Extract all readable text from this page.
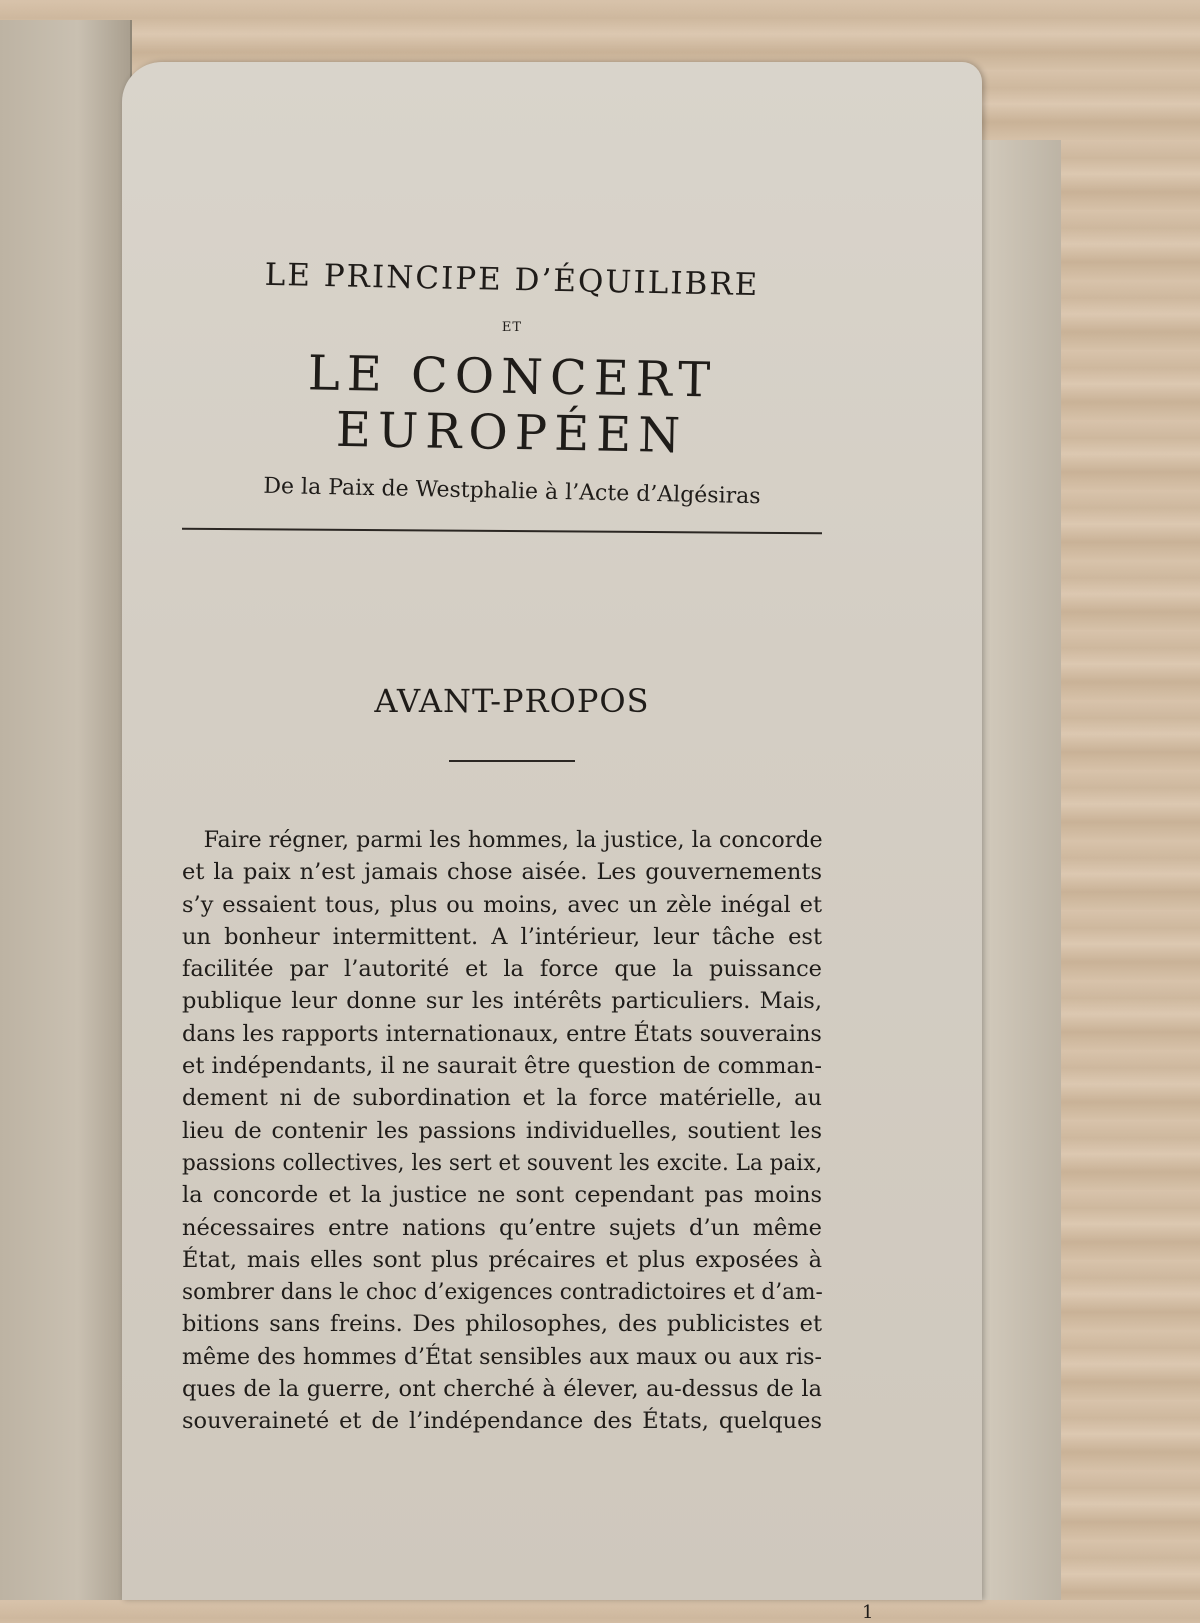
LE PRINCIPE D’ÉQUILIBRE

ET

LE CONCERT EUROPÉEN

De la Paix de Westphalie à l’Acte d’Algésiras

AVANT-PROPOS

Faire régner, parmi les hommes, la justice, la concorde
et la paix n’est jamais chose aisée. Les gouvernements
s’y essaient tous, plus ou moins, avec un zèle inégal et
un bonheur intermittent. A l’intérieur, leur tâche est
facilitée par l’autorité et la force que la puissance
publique leur donne sur les intérêts particuliers. Mais,
dans les rapports internationaux, entre États souverains
et indépendants, il ne saurait être question de comman-
dement ni de subordination et la force matérielle, au
lieu de contenir les passions individuelles, soutient les
passions collectives, les sert et souvent les excite. La paix,
la concorde et la justice ne sont cependant pas moins
nécessaires entre nations qu’entre sujets d’un même
État, mais elles sont plus précaires et plus exposées à
sombrer dans le choc d’exigences contradictoires et d’am-
bitions sans freins. Des philosophes, des publicistes et
même des hommes d’État sensibles aux maux ou aux ris-
ques de la guerre, ont cherché à élever, au-dessus de la
souveraineté et de l’indépendance des États, quelques
1
